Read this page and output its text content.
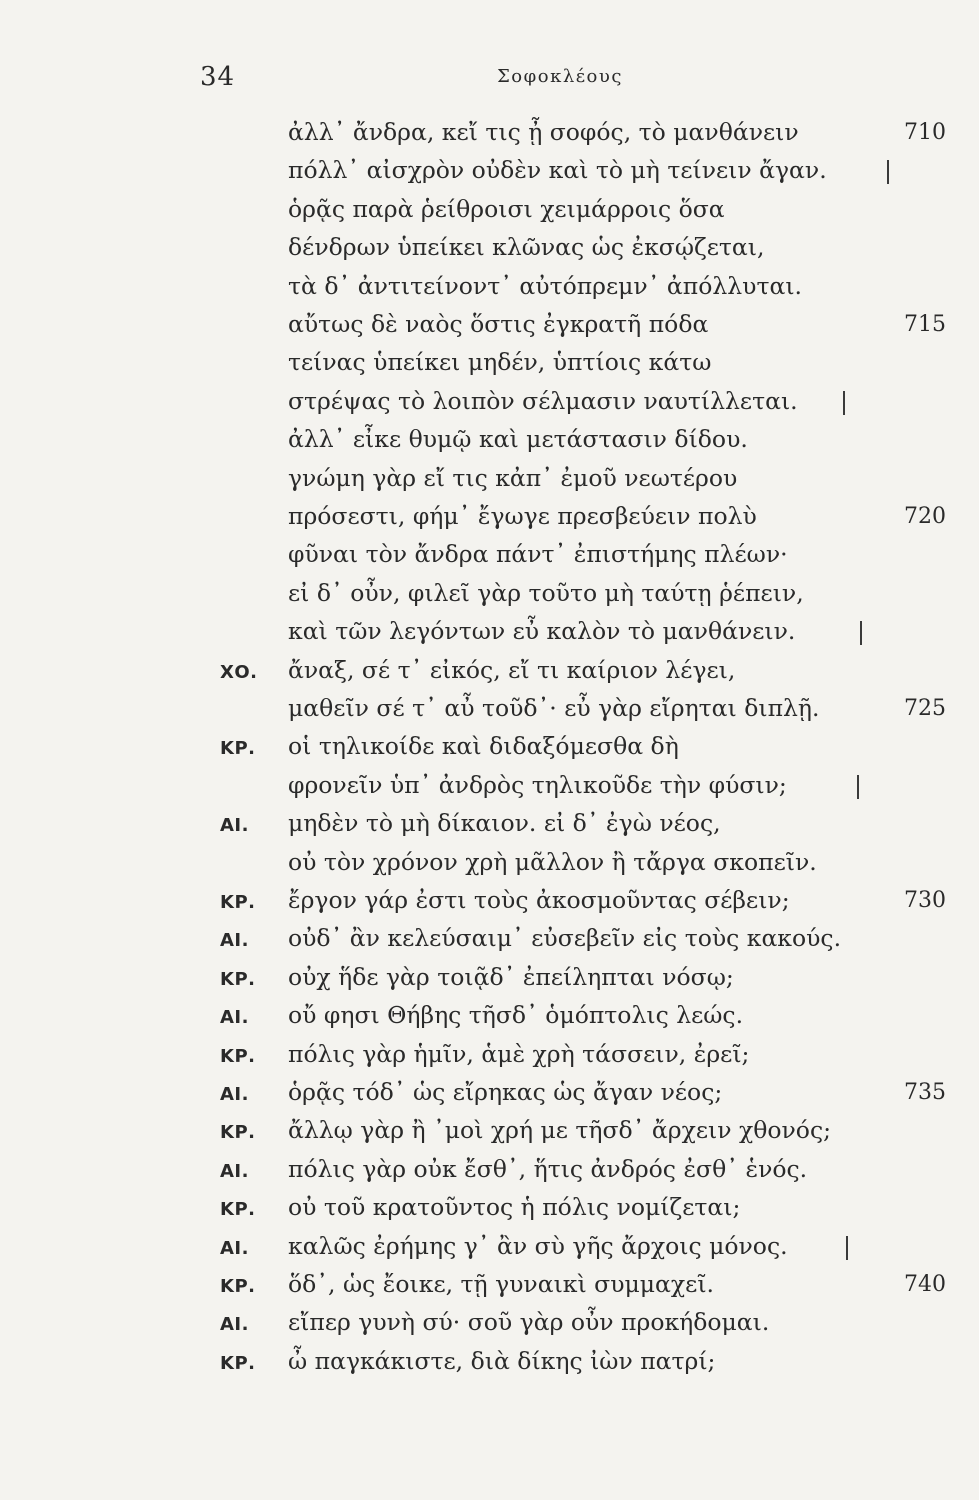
34	Σοφοκλέους
ἀλλ᾽ ἄνδρα, κεἴ τις ᾖ σοφός, τὸ μανθάνειν	710
πόλλ᾽ αἰσχρὸν οὐδὲν καὶ τὸ μὴ τείνειν ἄγαν.
ὁρᾷς παρὰ ῥείθροισι χειμάρροις ὅσα
δένδρων ὑπείκει κλῶνας ὡς ἐκσῴζεται,
τὰ δ᾽ ἀντιτείνοντ᾽ αὐτόπρεμν᾽ ἀπόλλυται.
αὔτως δὲ ναὸς ὅστις ἐγκρατῆ πόδα	715
τείνας ὑπείκει μηδέν, ὑπτίοις κάτω
στρέψας τὸ λοιπὸν σέλμασιν ναυτίλλεται.
ἀλλ᾽ εἶκε θυμῷ καὶ μετάστασιν δίδου.
γνώμη γὰρ εἴ τις κἀπ᾽ ἐμοῦ νεωτέρου
πρόσεστι, φήμ᾽ ἔγωγε πρεσβεύειν πολὺ	720
φῦναι τὸν ἄνδρα πάντ᾽ ἐπιστήμης πλέων·
εἰ δ᾽ οὖν, φιλεῖ γὰρ τοῦτο μὴ ταύτῃ ῥέπειν,
καὶ τῶν λεγόντων εὖ καλὸν τὸ μανθάνειν.
ΧΟ. ἄναξ, σέ τ᾽ εἰκός, εἴ τι καίριον λέγει,
μαθεῖν σέ τ᾽ αὖ τοῦδ᾽· εὖ γὰρ εἴρηται διπλῇ.	725
ΚΡ. οἱ τηλικοίδε καὶ διδαξόμεσθα δὴ
φρονεῖν ὑπ᾽ ἀνδρὸς τηλικοῦδε τὴν φύσιν;
ΑΙ. μηδὲν τὸ μὴ δίκαιον. εἰ δ᾽ ἐγὼ νέος,
οὐ τὸν χρόνον χρὴ μᾶλλον ἢ τἄργα σκοπεῖν.
ΚΡ. ἔργον γάρ ἐστι τοὺς ἀκοσμοῦντας σέβειν;	730
ΑΙ. οὐδ᾽ ἂν κελεύσαιμ᾽ εὐσεβεῖν εἰς τοὺς κακούς.
ΚΡ. οὐχ ἥδε γὰρ τοιᾷδ᾽ ἐπείληπται νόσῳ;
ΑΙ. οὔ φησι Θήβης τῆσδ᾽ ὁμόπτολις λεώς.
ΚΡ. πόλις γὰρ ἡμῖν, ἁμὲ χρὴ τάσσειν, ἐρεῖ;
ΑΙ. ὁρᾷς τόδ᾽ ὡς εἴρηκας ὡς ἄγαν νέος;	735
ΚΡ. ἄλλῳ γὰρ ἢ ᾽μοὶ χρή με τῆσδ᾽ ἄρχειν χθονός;
ΑΙ. πόλις γὰρ οὐκ ἔσθ᾽, ἥτις ἀνδρός ἐσθ᾽ ἑνός.
ΚΡ. οὐ τοῦ κρατοῦντος ἡ πόλις νομίζεται;
ΑΙ. καλῶς ἐρήμης γ᾽ ἂν σὺ γῆς ἄρχοις μόνος.
ΚΡ. ὅδ᾽, ὡς ἔοικε, τῇ γυναικὶ συμμαχεῖ.	740
ΑΙ. εἴπερ γυνὴ σύ· σοῦ γὰρ οὖν προκήδομαι.
ΚΡ. ὦ παγκάκιστε, διὰ δίκης ἰὼν πατρί;
